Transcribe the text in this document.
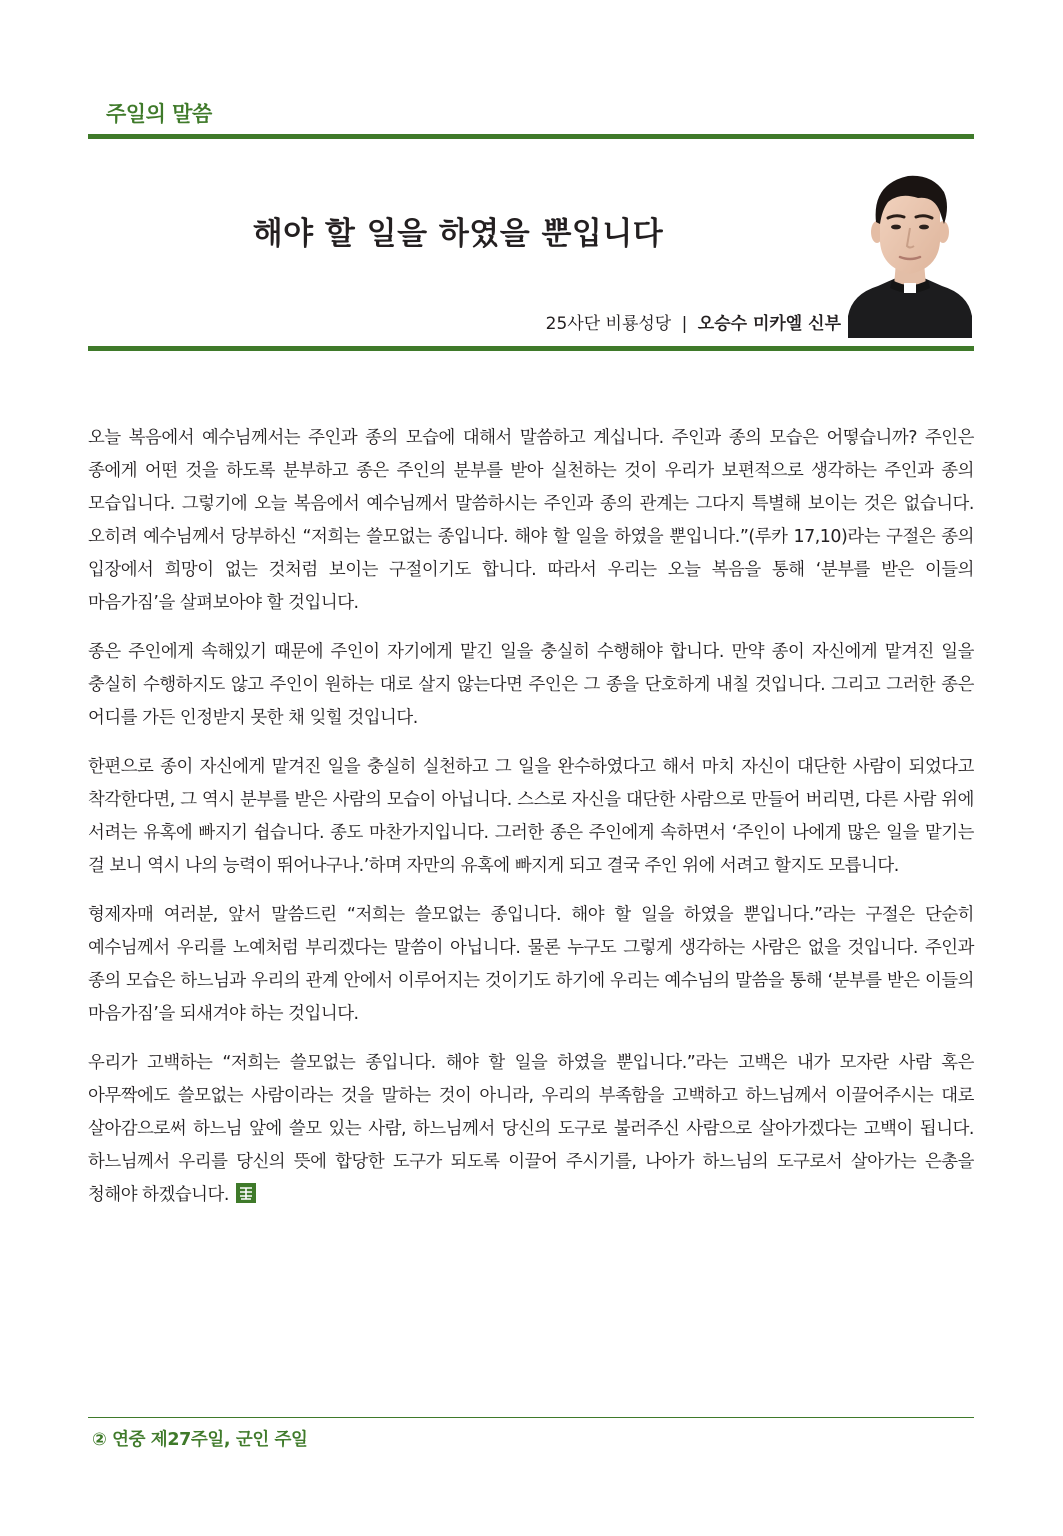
주일의 말씀
해야 할 일을 하였을 뿐입니다
25사단 비룡성당 | 오승수 미카엘 신부

오늘 복음에서 예수님께서는 주인과 종의 모습에 대해서 말씀하고 계십니다. 주인과 종의 모습은 어떻습니까? 주인은 종에게 어떤 것을 하도록 분부하고 종은 주인의 분부를 받아 실천하는 것이 우리가 보편적으로 생각하는 주인과 종의 모습입니다. 그렇기에 오늘 복음에서 예수님께서 말씀하시는 주인과 종의 관계는 그다지 특별해 보이는 것은 없습니다. 오히려 예수님께서 당부하신 “저희는 쓸모없는 종입니다. 해야 할 일을 하였을 뿐입니다.”(루카 17,10)라는 구절은 종의 입장에서 희망이 없는 것처럼 보이는 구절이기도 합니다. 따라서 우리는 오늘 복음을 통해 ‘분부를 받은 이들의 마음가짐’을 살펴보아야 할 것입니다.

종은 주인에게 속해있기 때문에 주인이 자기에게 맡긴 일을 충실히 수행해야 합니다. 만약 종이 자신에게 맡겨진 일을 충실히 수행하지도 않고 주인이 원하는 대로 살지 않는다면 주인은 그 종을 단호하게 내칠 것입니다. 그리고 그러한 종은 어디를 가든 인정받지 못한 채 잊힐 것입니다.

한편으로 종이 자신에게 맡겨진 일을 충실히 실천하고 그 일을 완수하였다고 해서 마치 자신이 대단한 사람이 되었다고 착각한다면, 그 역시 분부를 받은 사람의 모습이 아닙니다. 스스로 자신을 대단한 사람으로 만들어 버리면, 다른 사람 위에 서려는 유혹에 빠지기 쉽습니다. 종도 마찬가지입니다. 그러한 종은 주인에게 속하면서 ‘주인이 나에게 많은 일을 맡기는 걸 보니 역시 나의 능력이 뛰어나구나.’하며 자만의 유혹에 빠지게 되고 결국 주인 위에 서려고 할지도 모릅니다.

형제자매 여러분, 앞서 말씀드린 “저희는 쓸모없는 종입니다. 해야 할 일을 하였을 뿐입니다.”라는 구절은 단순히 예수님께서 우리를 노예처럼 부리겠다는 말씀이 아닙니다. 물론 누구도 그렇게 생각하는 사람은 없을 것입니다. 주인과 종의 모습은 하느님과 우리의 관계 안에서 이루어지는 것이기도 하기에 우리는 예수님의 말씀을 통해 ‘분부를 받은 이들의 마음가짐’을 되새겨야 하는 것입니다.

우리가 고백하는 “저희는 쓸모없는 종입니다. 해야 할 일을 하였을 뿐입니다.”라는 고백은 내가 모자란 사람 혹은 아무짝에도 쓸모없는 사람이라는 것을 말하는 것이 아니라, 우리의 부족함을 고백하고 하느님께서 이끌어주시는 대로 살아감으로써 하느님 앞에 쓸모 있는 사람, 하느님께서 당신의 도구로 불러주신 사람으로 살아가겠다는 고백이 됩니다. 하느님께서 우리를 당신의 뜻에 합당한 도구가 되도록 이끌어 주시기를, 나아가 하느님의 도구로서 살아가는 은총을 청해야 하겠습니다.

② 연중 제27주일, 군인 주일
